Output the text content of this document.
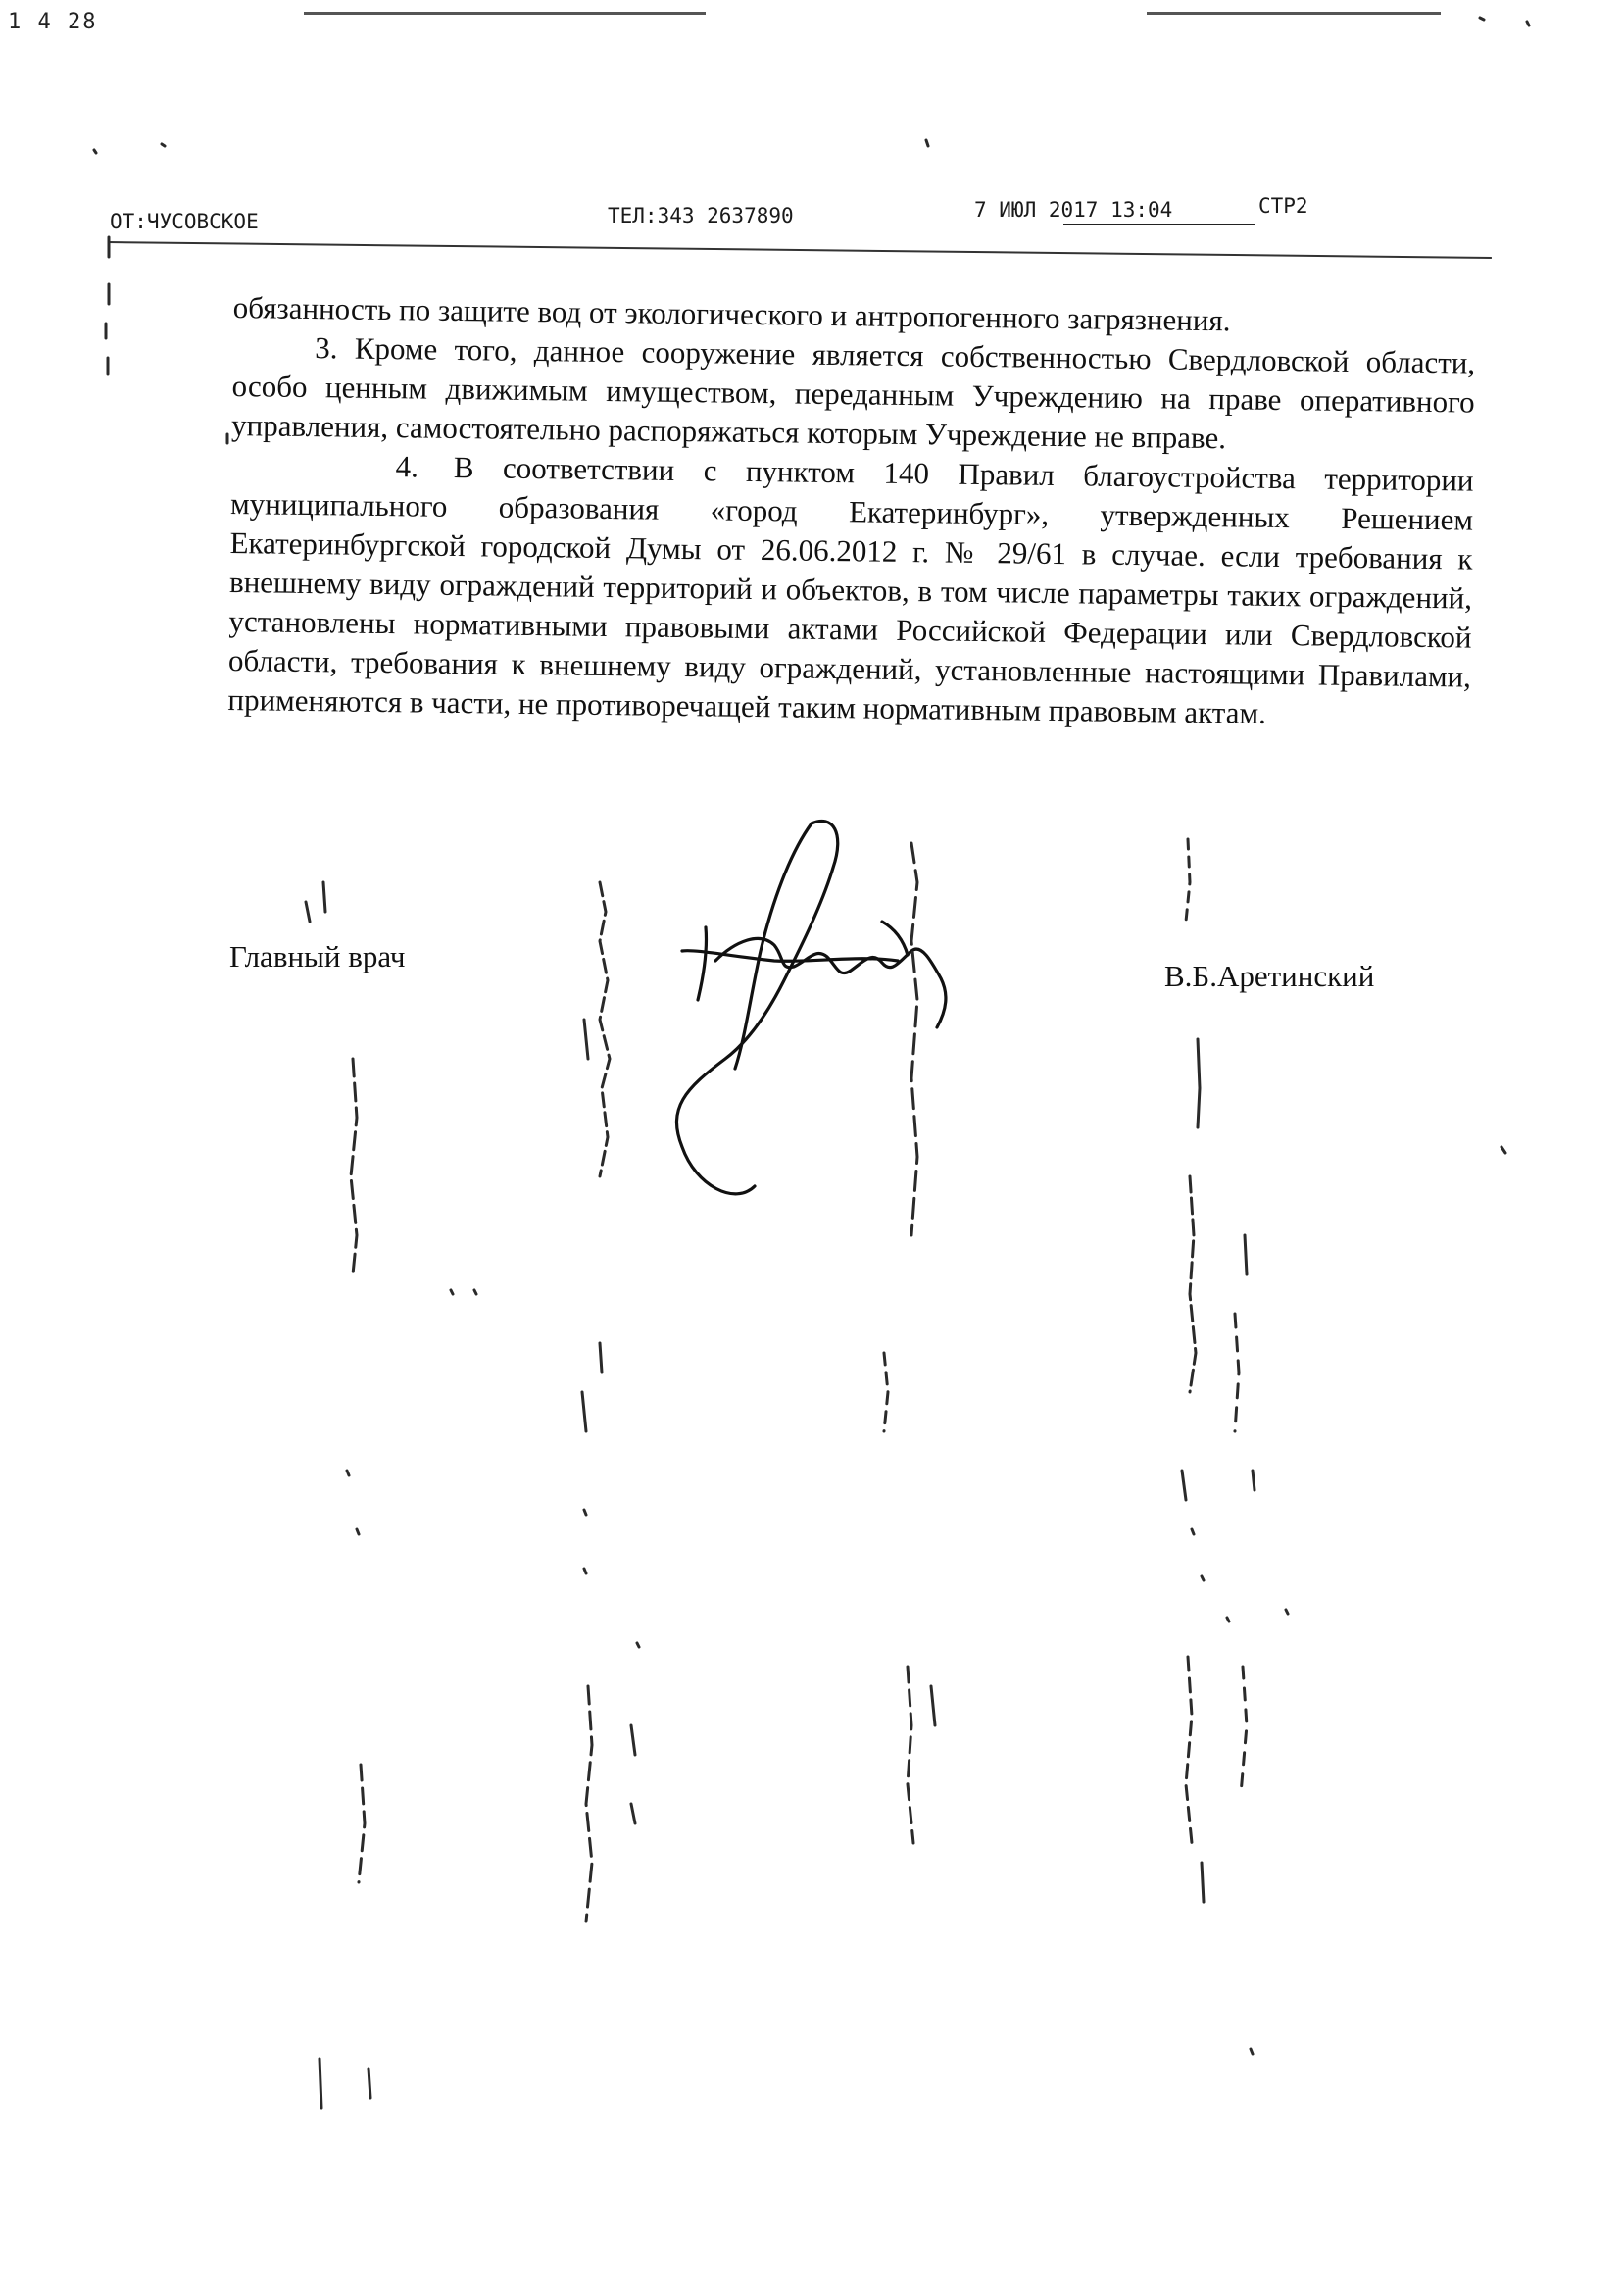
1 4 28
ОТ:ЧУСОВСКОЕ	ТЕЛ:343 2637890	7 ИЮЛ 2017 13:04	СТР2

обязанность по защите вод от экологического и антропогенного загрязнения.

3. Кроме того, данное сооружение является собственностью Свердловской области, особо ценным движимым имуществом, переданным Учреждению на праве оперативного управления, самостоятельно распоряжаться которым Учреждение не вправе.

4. В соответствии с пунктом 140 Правил благоустройства территории муниципального образования «город Екатеринбург», утвержденных Решением Екатеринбургской городской Думы от 26.06.2012 г. № 29/61 в случае. если требования к внешнему виду ограждений территорий и объектов, в том числе параметры таких ограждений, установлены нормативными правовыми актами Российской Федерации или Свердловской области, требования к внешнему виду ограждений, установленные настоящими Правилами, применяются в части, не противоречащей таким нормативным правовым актам.

Главный врач
В.Б.Аретинский
